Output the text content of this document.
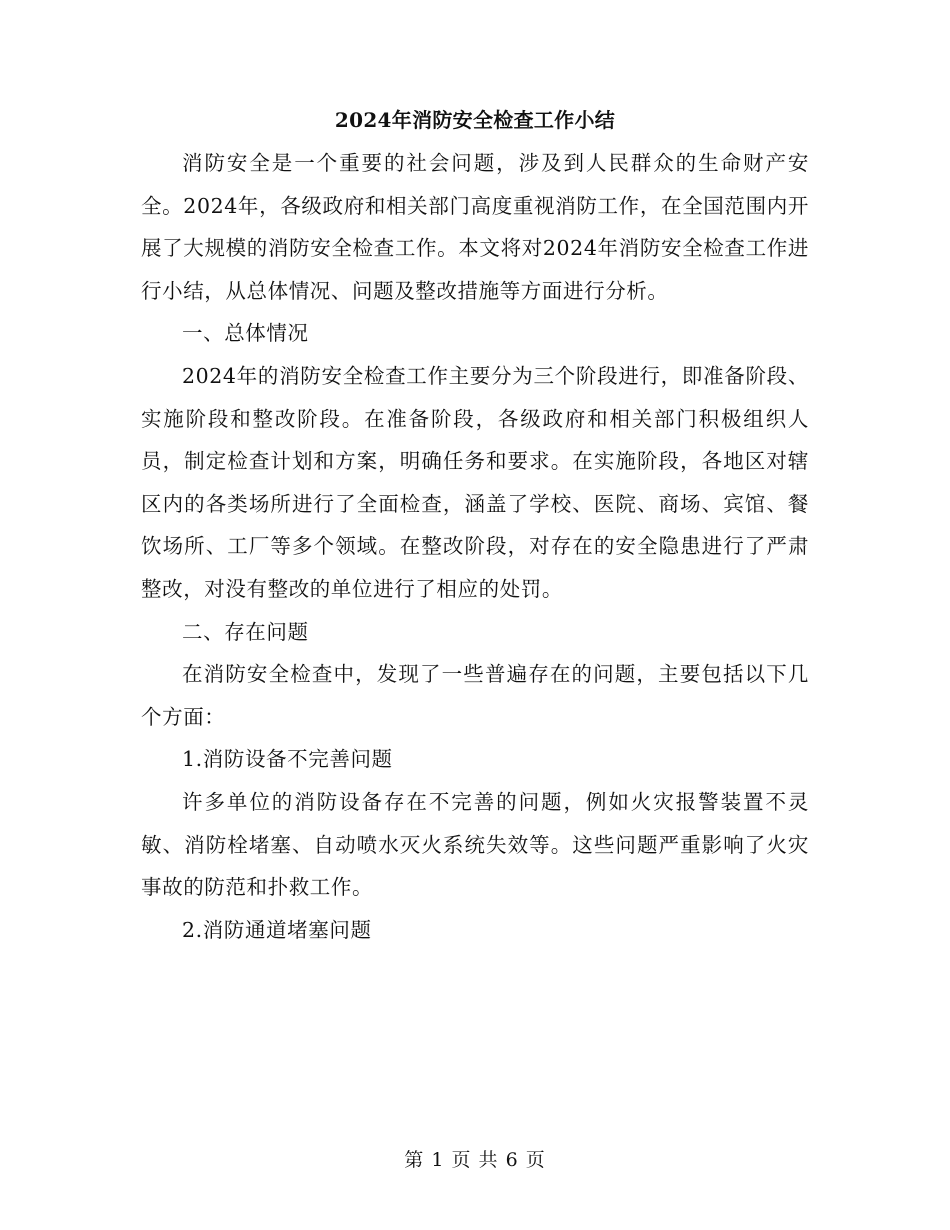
2024年消防安全检查工作小结

消防安全是一个重要的社会问题，涉及到人民群众的生命财产安全。2024年，各级政府和相关部门高度重视消防工作，在全国范围内开展了大规模的消防安全检查工作。本文将对2024年消防安全检查工作进行小结，从总体情况、问题及整改措施等方面进行分析。

一、总体情况

2024年的消防安全检查工作主要分为三个阶段进行，即准备阶段、实施阶段和整改阶段。在准备阶段，各级政府和相关部门积极组织人员，制定检查计划和方案，明确任务和要求。在实施阶段，各地区对辖区内的各类场所进行了全面检查，涵盖了学校、医院、商场、宾馆、餐饮场所、工厂等多个领域。在整改阶段，对存在的安全隐患进行了严肃整改，对没有整改的单位进行了相应的处罚。

二、存在问题

在消防安全检查中，发现了一些普遍存在的问题，主要包括以下几个方面：

1.消防设备不完善问题

许多单位的消防设备存在不完善的问题，例如火灾报警装置不灵敏、消防栓堵塞、自动喷水灭火系统失效等。这些问题严重影响了火灾事故的防范和扑救工作。

2.消防通道堵塞问题

第 1 页 共 6 页
